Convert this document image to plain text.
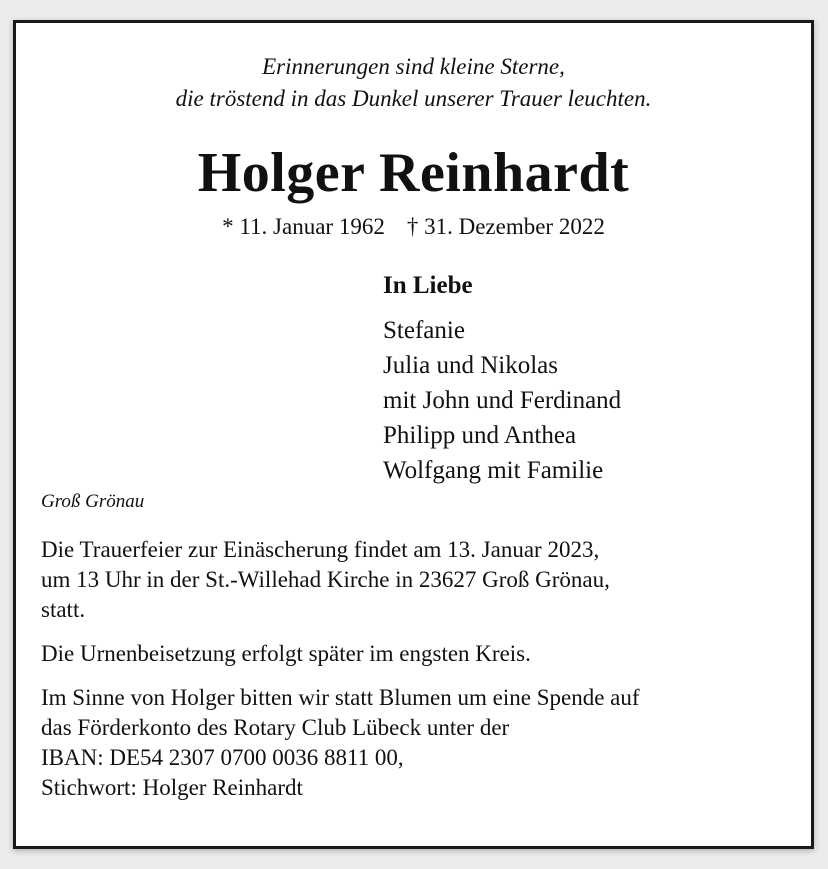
Erinnerungen sind kleine Sterne,
die tröstend in das Dunkel unserer Trauer leuchten.
Holger Reinhardt
* 11. Januar 1962 † 31. Dezember 2022
In Liebe
Stefanie
Julia und Nikolas
mit John und Ferdinand
Philipp und Anthea
Wolfgang mit Familie
Groß Grönau
Die Trauerfeier zur Einäscherung findet am 13. Januar 2023,
um 13 Uhr in der St.-Willehad Kirche in 23627 Groß Grönau,
statt.
Die Urnenbeisetzung erfolgt später im engsten Kreis.
Im Sinne von Holger bitten wir statt Blumen um eine Spende auf
das Förderkonto des Rotary Club Lübeck unter der
IBAN: DE54 2307 0700 0036 8811 00,
Stichwort: Holger Reinhardt
